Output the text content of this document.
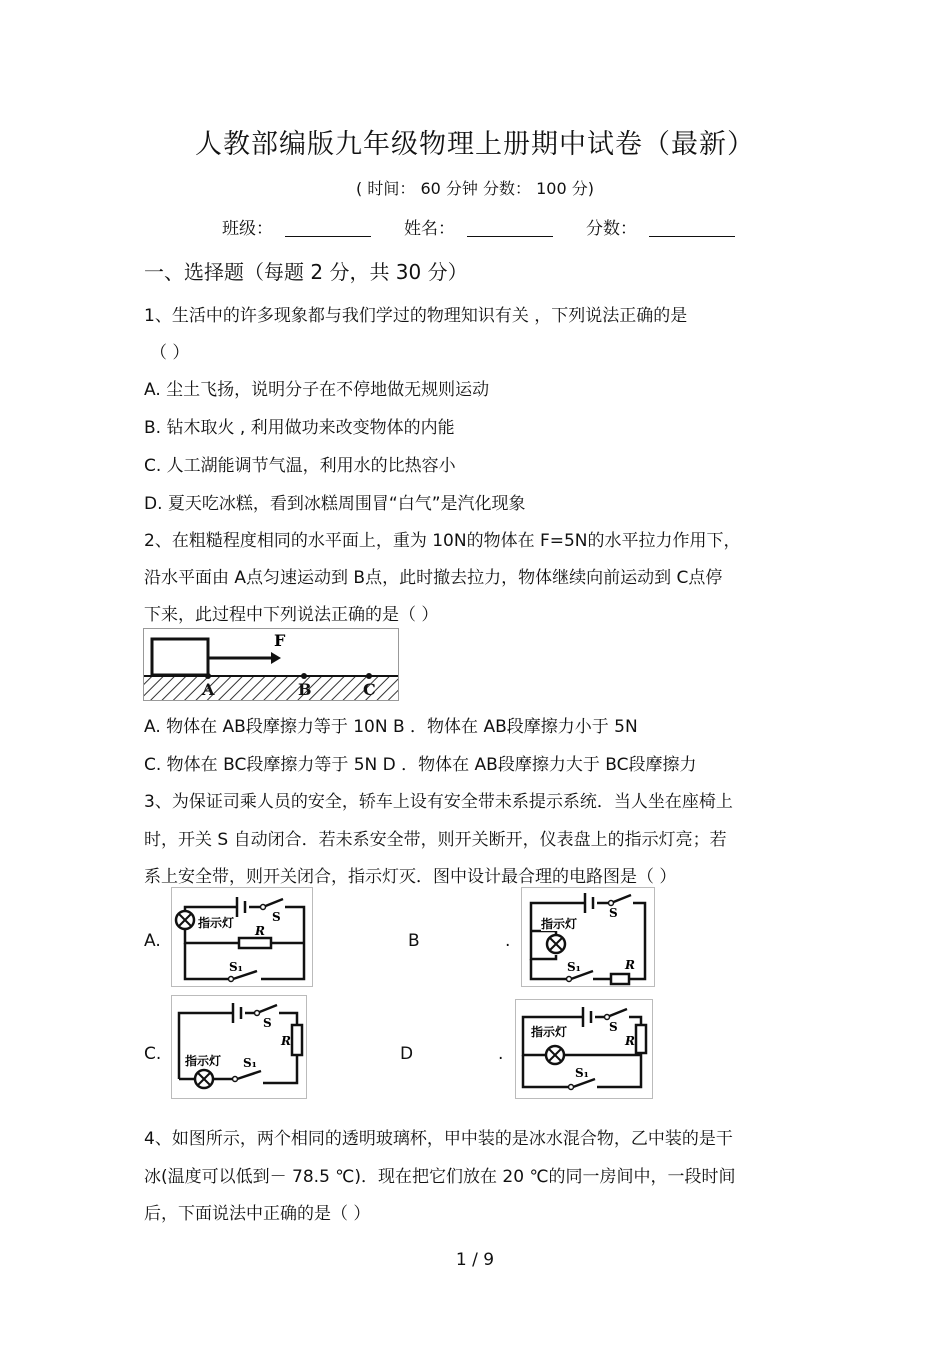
人教部编版九年级物理上册期中试卷（最新）
( 时间： 60 分钟 分数： 100 分)
班级：	姓名：	分数：
一、选择题（每题 2 分，共 30 分）
1、生活中的许多现象都与我们学过的物理知识有关 ，下列说法正确的是
（ ）
A. 尘土飞扬，说明分子在不停地做无规则运动
B. 钻木取火 , 利用做功来改变物体的内能
C. 人工湖能调节气温，利用水的比热容小
D. 夏天吃冰糕，看到冰糕周围冒“白气”是汽化现象
2、在粗糙程度相同的水平面上，重为 10N的物体在 F=5N的水平拉力作用下，
沿水平面由 A点匀速运动到 B点，此时撤去拉力，物体继续向前运动到 C点停
下来，此过程中下列说法正确的是（ ）
F
A	B	C
A. 物体在 AB段摩擦力等于 10N B ．物体在 AB段摩擦力小于 5N
C. 物体在 BC段摩擦力等于 5N D ．物体在 AB段摩擦力大于 BC段摩擦力
3、为保证司乘人员的安全，轿车上设有安全带未系提示系统．当人坐在座椅上
时，开关 S 自动闭合．若未系安全带，则开关断开，仪表盘上的指示灯亮；若
系上安全带，则开关闭合，指示灯灭．图中设计最合理的电路图是（ ）
A.	B	.
C.	D	.
指示灯	S
R
S₁
指示灯
S
R
S₁
指示灯
S
R
S₁
指示灯	S
R
S₁
4、如图所示，两个相同的透明玻璃杯，甲中装的是冰水混合物，乙中装的是干
冰(温度可以低到－ 78.5 ℃)．现在把它们放在 20 ℃的同一房间中，一段时间
后，下面说法中正确的是（ ）
1 / 9
